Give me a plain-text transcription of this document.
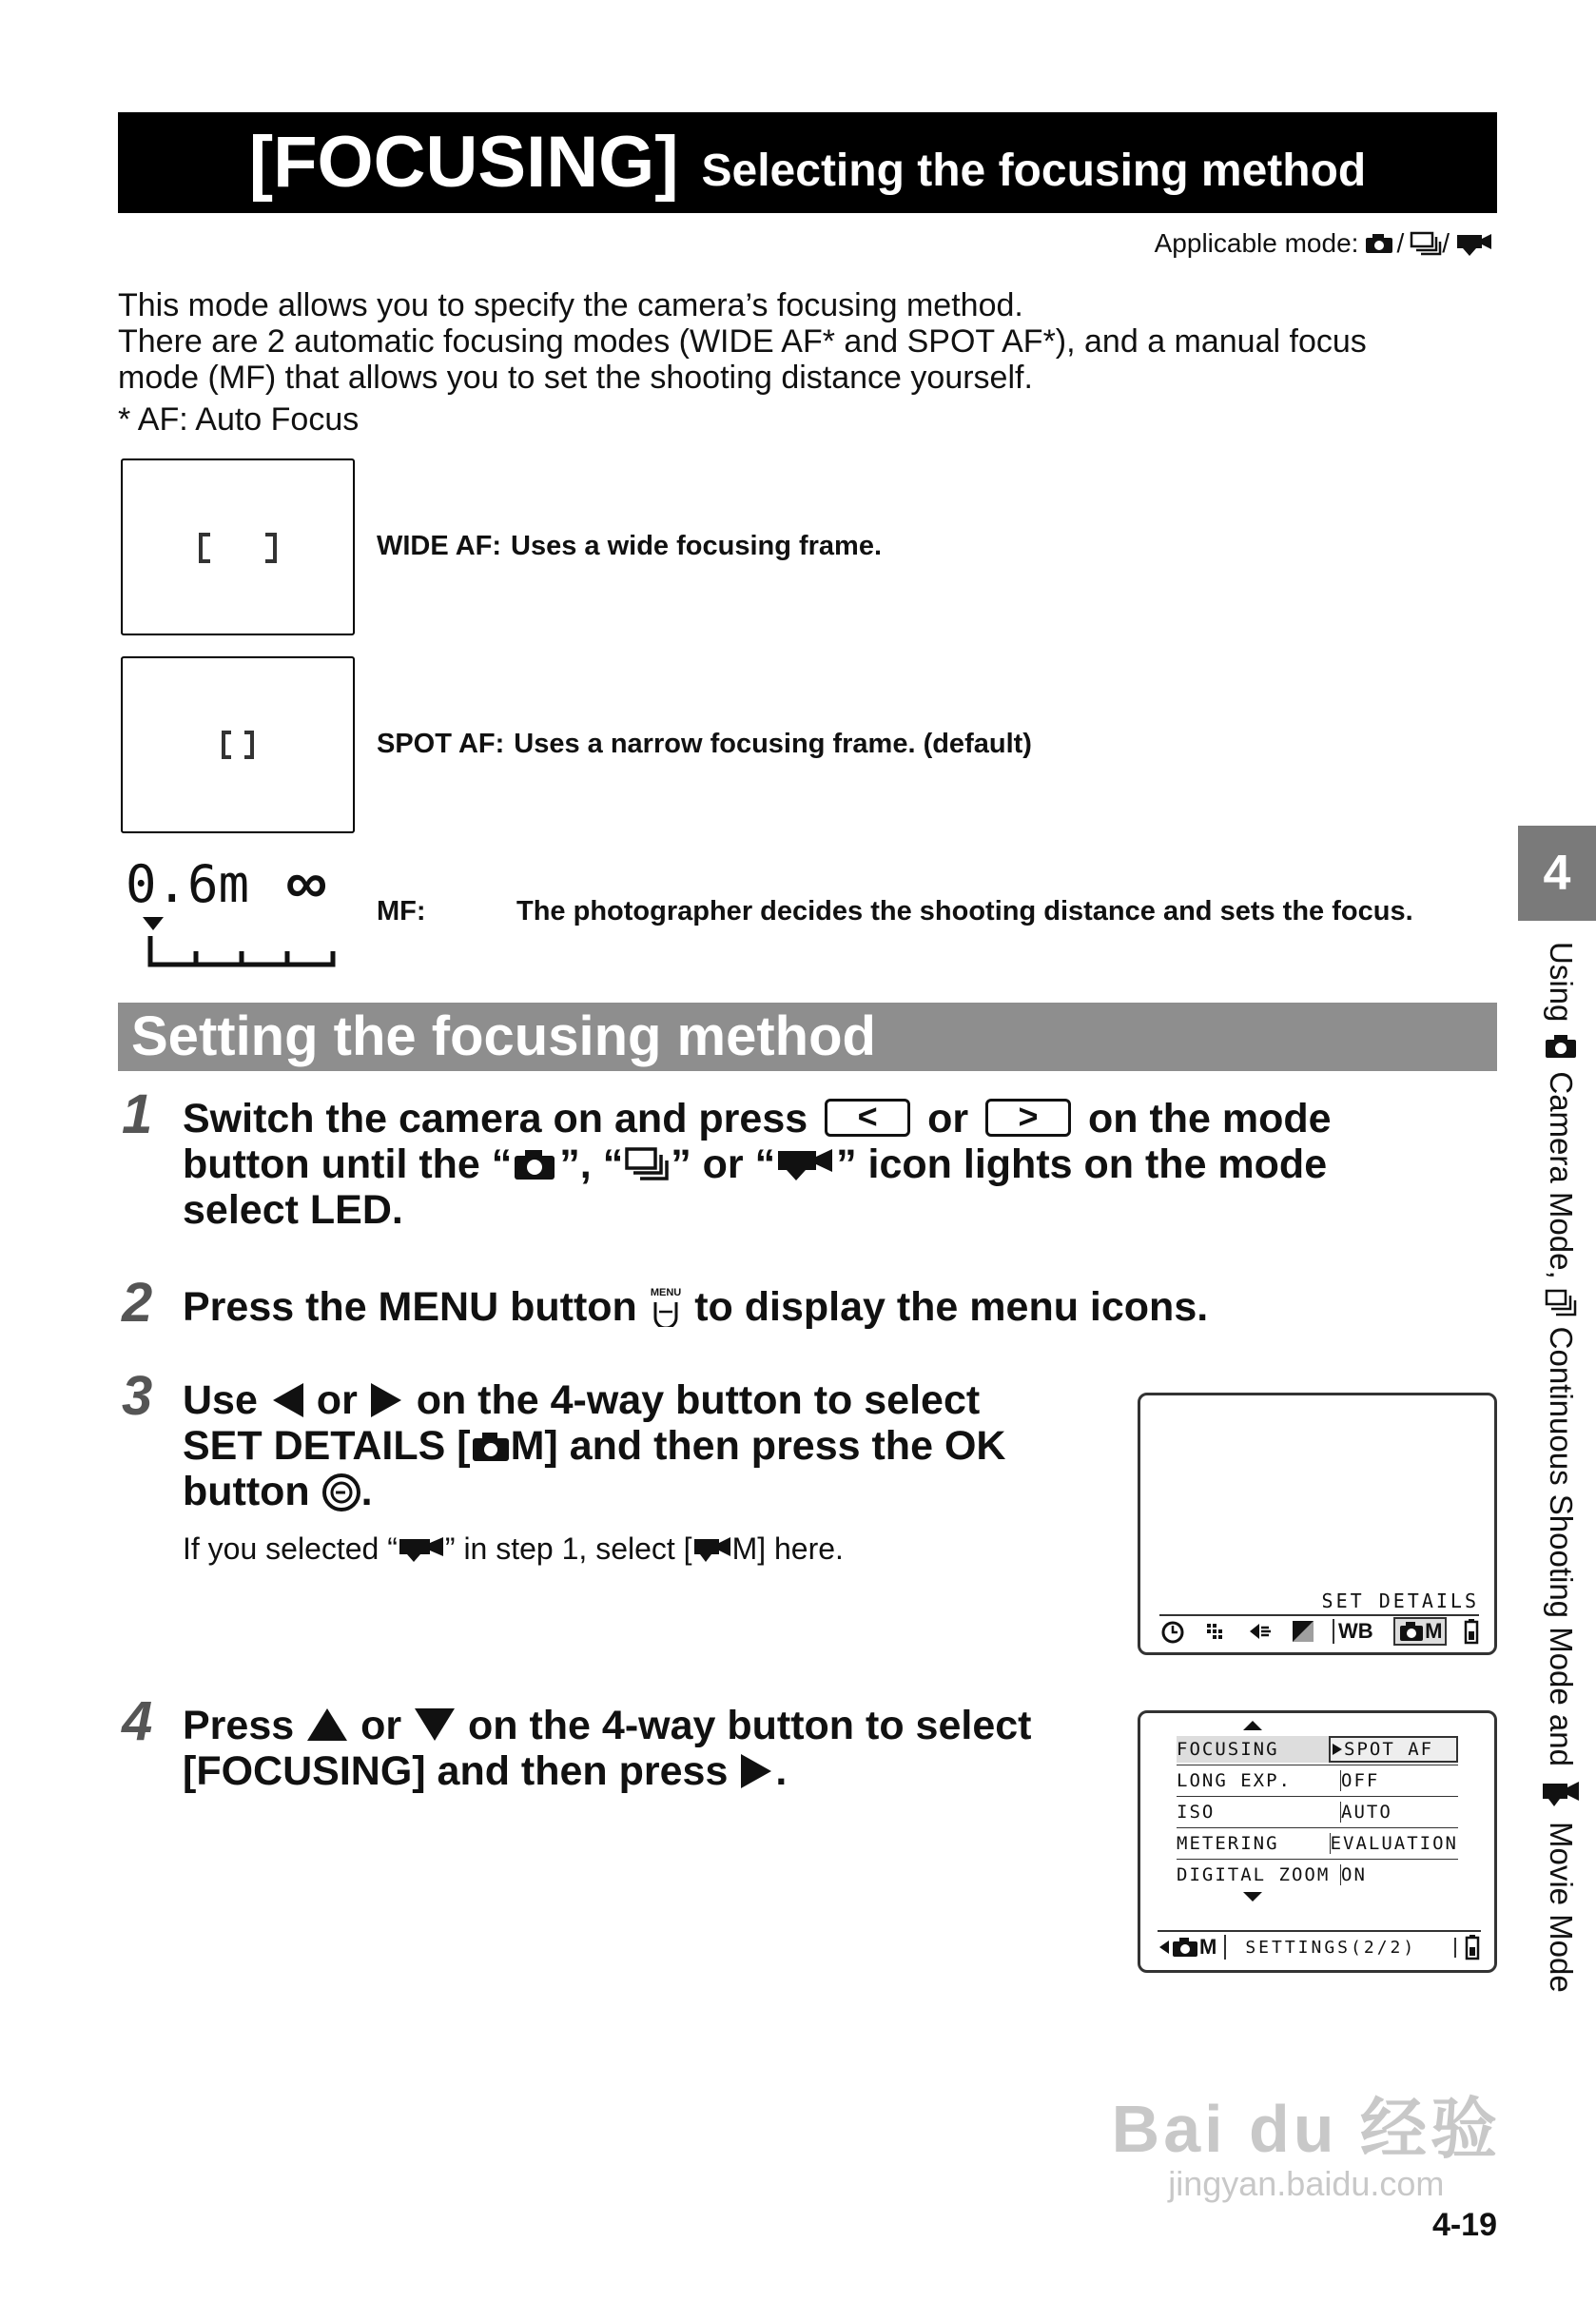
[FOCUSING] Selecting the focusing method
Applicable mode: / /
This mode allows you to specify the camera’s focusing method.
There are 2 automatic focusing modes (WIDE AF* and SPOT AF*), and a manual focus
mode (MF) that allows you to set the shooting distance yourself.
* AF: Auto Focus
WIDE AF: Uses a wide focusing frame.
SPOT AF: Uses a narrow focusing frame. (default)
0.6m ∞ MF:	The photographer decides the shooting distance and sets the focus.
Setting the focusing method
1 Switch the camera on and press < or > on the mode
button until the “ ”, “ ” or “ ” icon lights on the mode
select LED.
2 Press the MENU button MENU to display the menu icons.
3 Use or on the 4-way button to select
SET DETAILS [ M] and then press the OK
button .
If you selected “ ” in step 1, select [ M] here.
SET DETAILS
WB M
4 Press or on the 4-way button to select
[FOCUSING] and then press .	FOCUSING	SPOT AF
LONG EXP.	OFF
ISO	AUTO
METERING	EVALUATION
DIGITAL ZOOM ON
M	SETTINGS(2/2)
4
Using
Camera Mode,
Continuous Shooting Mode and
Movie Mode
Bai du 经验
jingyan.baidu.com
4-19
